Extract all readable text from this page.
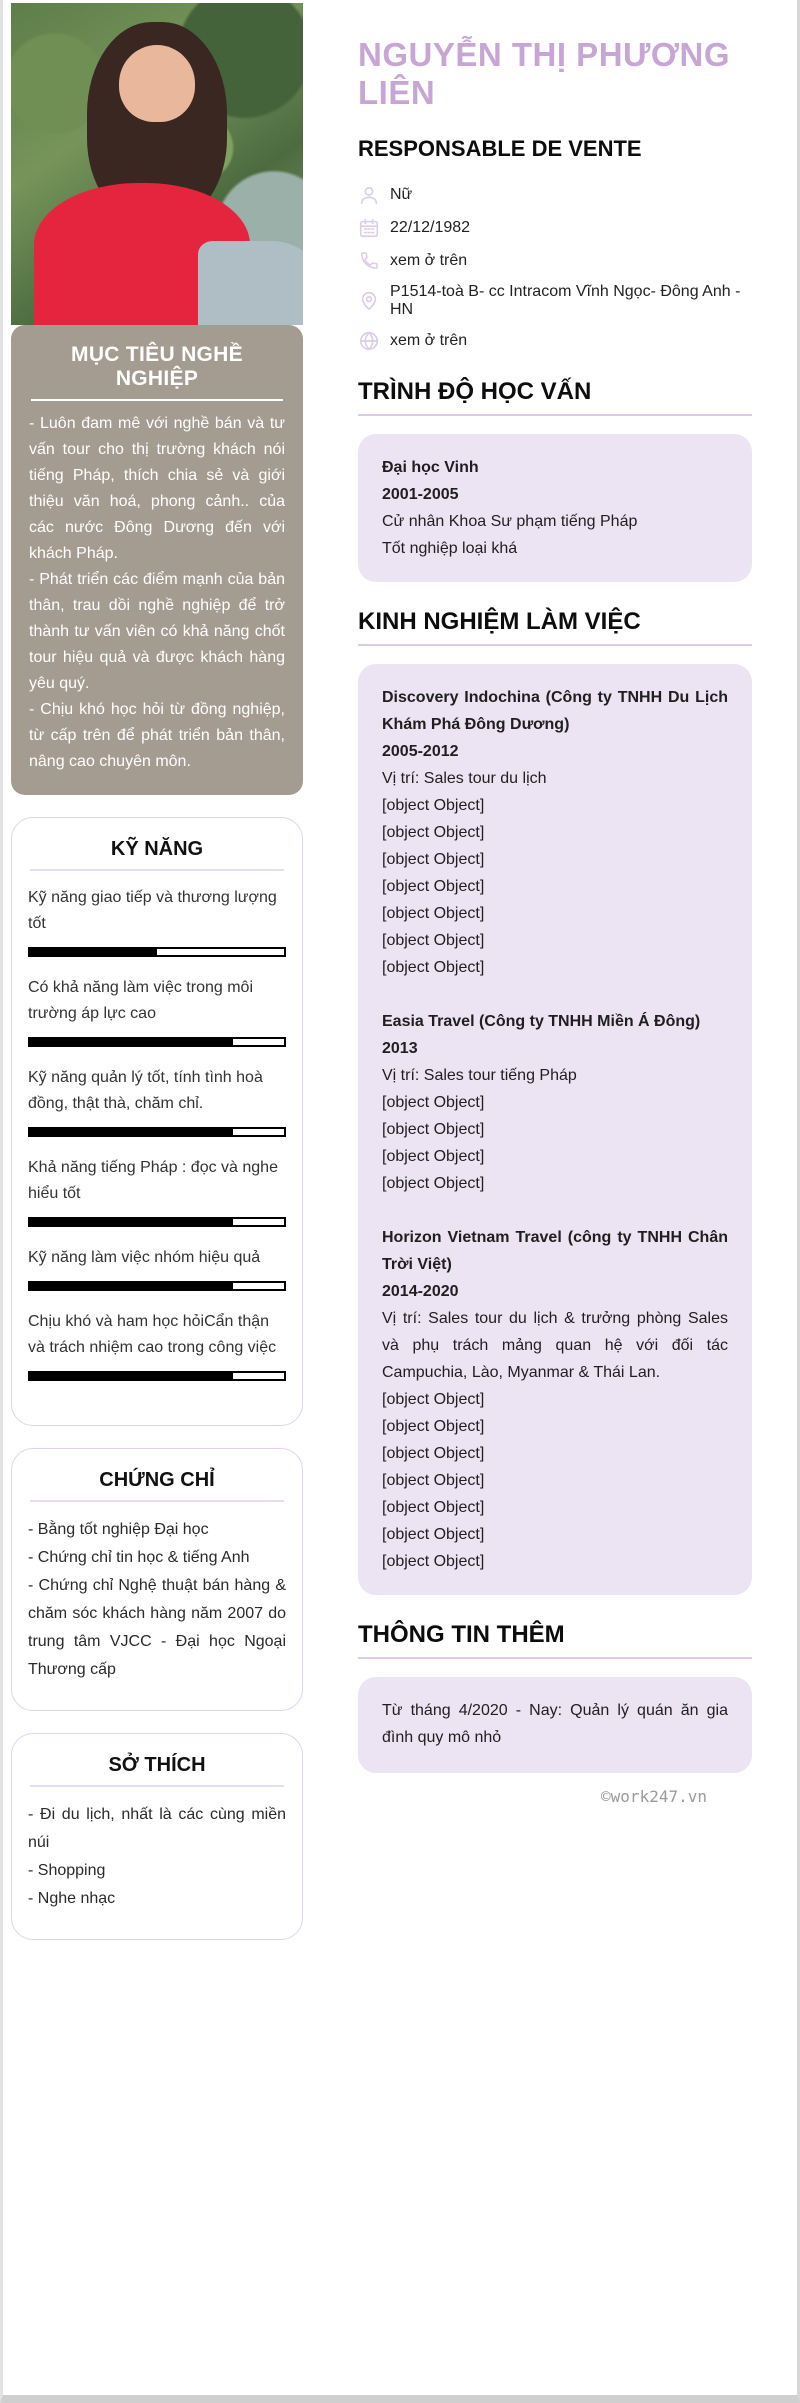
MỤC TIÊU NGHỀ NGHIỆP

- Luôn đam mê với nghề bán và tư vấn tour cho thị trường khách nói tiếng Pháp, thích chia sẻ và giới thiệu văn hoá, phong cảnh.. của các nước Đông Dương đến với khách Pháp.

- Phát triển các điểm mạnh của bản thân, trau dồi nghề nghiệp để trở thành tư vấn viên có khả năng chốt tour hiệu quả và được khách hàng yêu quý.

- Chịu khó học hỏi từ đồng nghiệp, từ cấp trên để phát triển bản thân, nâng cao chuyên môn.

KỸ NĂNG
Kỹ năng giao tiếp và thương lượng tốt
Có khả năng làm việc trong môi trường áp lực cao
Kỹ năng quản lý tốt, tính tình hoà đồng, thật thà, chăm chỉ.
Khả năng tiếng Pháp : đọc và nghe hiểu tốt
Kỹ năng làm việc nhóm hiệu quả
Chịu khó và ham học hỏiCẩn thận và trách nhiệm cao trong công việc
CHỨNG CHỈ

- Bằng tốt nghiệp Đại học

- Chứng chỉ tin học & tiếng Anh

- Chứng chỉ Nghệ thuật bán hàng & chăm sóc khách hàng năm 2007 do trung tâm VJCC - Đại học Ngoại Thương cấp

SỞ THÍCH

- Đi du lịch, nhất là các cùng miền núi

- Shopping

- Nghe nhạc

NGUYỄN THỊ PHƯƠNG LIÊN

RESPONSABLE DE VENTE

Nữ
22/12/1982
xem ở trên
P1514-toà B- cc Intracom Vĩnh Ngọc- Đông Anh - HN
xem ở trên
TRÌNH ĐỘ HỌC VẤN

Đại học Vinh

2001-2005

Cử nhân Khoa Sư phạm tiếng Pháp

Tốt nghiệp loại khá

KINH NGHIỆM LÀM VIỆC

Discovery Indochina (Công ty TNHH Du Lịch Khám Phá Đông Dương)

2005-2012

Vị trí: Sales tour du lịch

[object Object]

[object Object]

[object Object]

[object Object]

[object Object]

[object Object]

[object Object]

Easia Travel (Công ty TNHH Miền Á Đông)

2013

Vị trí: Sales tour tiếng Pháp

[object Object]

[object Object]

[object Object]

[object Object]

Horizon Vietnam Travel (công ty TNHH Chân Trời Việt)

2014-2020

Vị trí: Sales tour du lịch & trưởng phòng Sales và phụ trách mảng quan hệ với đối tác Campuchia, Lào, Myanmar & Thái Lan.

[object Object]

[object Object]

[object Object]

[object Object]

[object Object]

[object Object]

[object Object]

THÔNG TIN THÊM

Từ tháng 4/2020 - Nay: Quản lý quán ăn gia đình quy mô nhỏ

©work247.vn
